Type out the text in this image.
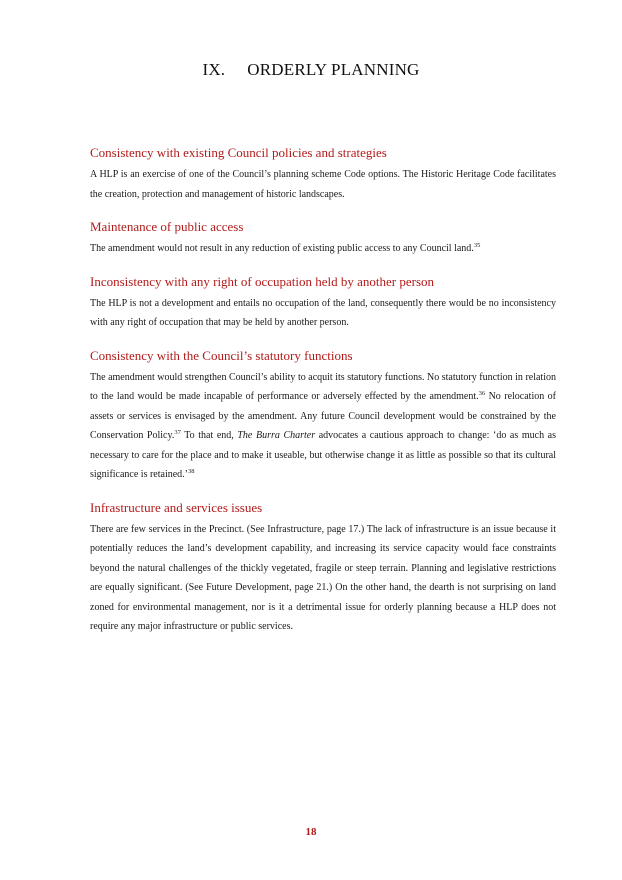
IX. ORDERLY PLANNING
Consistency with existing Council policies and strategies

A HLP is an exercise of one of the Council’s planning scheme Code options. The Historic Heritage Code facilitates the creation, protection and management of historic landscapes.

Maintenance of public access

The amendment would not result in any reduction of existing public access to any Council land.$^{35}$

Inconsistency with any right of occupation held by another person

The HLP is not a development and entails no occupation of the land, consequently there would be no inconsistency with any right of occupation that may be held by another person.

Consistency with the Council’s statutory functions

The amendment would strengthen Council’s ability to acquit its statutory functions. No statutory function in relation to the land would be made incapable of performance or adversely effected by the amendment.$^{36}$ No relocation of assets or services is envisaged by the amendment. Any future Council development would be constrained by the Conservation Policy.$^{37}$ To that end, The Burra Charter advocates a cautious approach to change: ‘do as much as necessary to care for the place and to make it useable, but otherwise change it as little as possible so that its cultural significance is retained.’$^{38}$

Infrastructure and services issues

There are few services in the Precinct. (See Infrastructure, page 17.) The lack of infrastructure is an issue because it potentially reduces the land’s development capability, and increasing its service capacity would face constraints beyond the natural challenges of the thickly vegetated, fragile or steep terrain. Planning and legislative restrictions are equally significant. (See Future Development, page 21.) On the other hand, the dearth is not surprising on land zoned for environmental management, nor is it a detrimental issue for orderly planning because a HLP does not require any major infrastructure or public services.

18
